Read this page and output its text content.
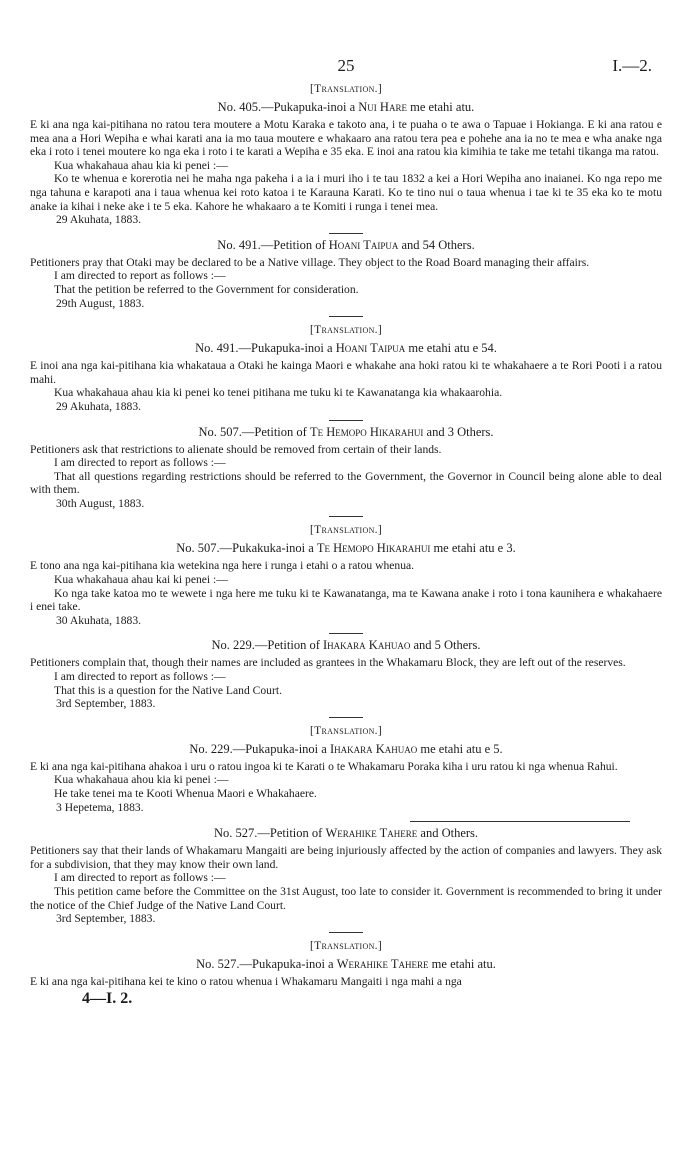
25	I.—2.
[Translation.]
No. 405.—Pukapuka-inoi a Nui Hare me etahi atu.

E ki ana nga kai-pitihana no ratou tera moutere a Motu Karaka e takoto ana, i te puaha o te awa o Tapuae i Hokianga. E ki ana ratou e mea ana a Hori Wepiha e whai karati ana ia mo taua moutere e whakaaro ana ratou tera pea e pohehe ana ia no te mea e wha anake nga eka i roto i tenei moutere ko nga eka i roto i te karati a Wepiha e 35 eka. E inoi ana ratou kia kimihia te take me tetahi tikanga ma ratou.

Kua whakahaua ahau kia ki penei :—

Ko te whenua e korerotia nei he maha nga pakeha i a ia i muri iho i te tau 1832 a kei a Hori Wepiha ano inaianei. Ko nga repo me nga tahuna e karapoti ana i taua whenua kei roto katoa i te Karauna Karati. Ko te tino nui o taua whenua i tae ki te 35 eka ko te motu anake ia kihai i neke ake i te 5 eka. Kahore he whakaaro a te Komiti i runga i tenei mea.

29 Akuhata, 1883.

No. 491.—Petition of Hoani Taipua and 54 Others.

Petitioners pray that Otaki may be declared to be a Native village. They object to the Road Board managing their affairs.

I am directed to report as follows :—

That the petition be referred to the Government for consideration.

29th August, 1883.

[Translation.]
No. 491.—Pukapuka-inoi a Hoani Taipua me etahi atu e 54.

E inoi ana nga kai-pitihana kia whakataua a Otaki he kainga Maori e whakahe ana hoki ratou ki te whakahaere a te Rori Pooti i a ratou mahi.

Kua whakahaua ahau kia ki penei ko tenei pitihana me tuku ki te Kawanatanga kia whakaarohia.

29 Akuhata, 1883.

No. 507.—Petition of Te Hemopo Hikarahui and 3 Others.

Petitioners ask that restrictions to alienate should be removed from certain of their lands.

I am directed to report as follows :—

That all questions regarding restrictions should be referred to the Government, the Governor in Council being alone able to deal with them.

30th August, 1883.

[Translation.]
No. 507.—Pukakuka-inoi a Te Hemopo Hikarahui me etahi atu e 3.

E tono ana nga kai-pitihana kia wetekina nga here i runga i etahi o a ratou whenua.

Kua whakahaua ahau kai ki penei :—

Ko nga take katoa mo te wewete i nga here me tuku ki te Kawanatanga, ma te Kawana anake i roto i tona kaunihera e whakahaere i enei take.

30 Akuhata, 1883.

No. 229.—Petition of Ihakara Kahuao and 5 Others.

Petitioners complain that, though their names are included as grantees in the Whakamaru Block, they are left out of the reserves.

I am directed to report as follows :—

That this is a question for the Native Land Court.

3rd September, 1883.

[Translation.]
No. 229.—Pukapuka-inoi a Ihakara Kahuao me etahi atu e 5.

E ki ana nga kai-pitihana ahakoa i uru o ratou ingoa ki te Karati o te Whakamaru Poraka kiha i uru ratou ki nga whenua Rahui.

Kua whakahaua ahou kia ki penei :—

He take tenei ma te Kooti Whenua Maori e Whakahaere.

3 Hepetema, 1883.

No. 527.—Petition of Werahike Tahere and Others.

Petitioners say that their lands of Whakamaru Mangaiti are being injuriously affected by the action of companies and lawyers. They ask for a subdivision, that they may know their own land.

I am directed to report as follows :—

This petition came before the Committee on the 31st August, too late to consider it. Government is recommended to bring it under the notice of the Chief Judge of the Native Land Court.

3rd September, 1883.

[Translation.]
No. 527.—Pukapuka-inoi a Werahike Tahere me etahi atu.

E ki ana nga kai-pitihana kei te kino o ratou whenua i Whakamaru Mangaiti i nga mahi a nga

4—I. 2.
